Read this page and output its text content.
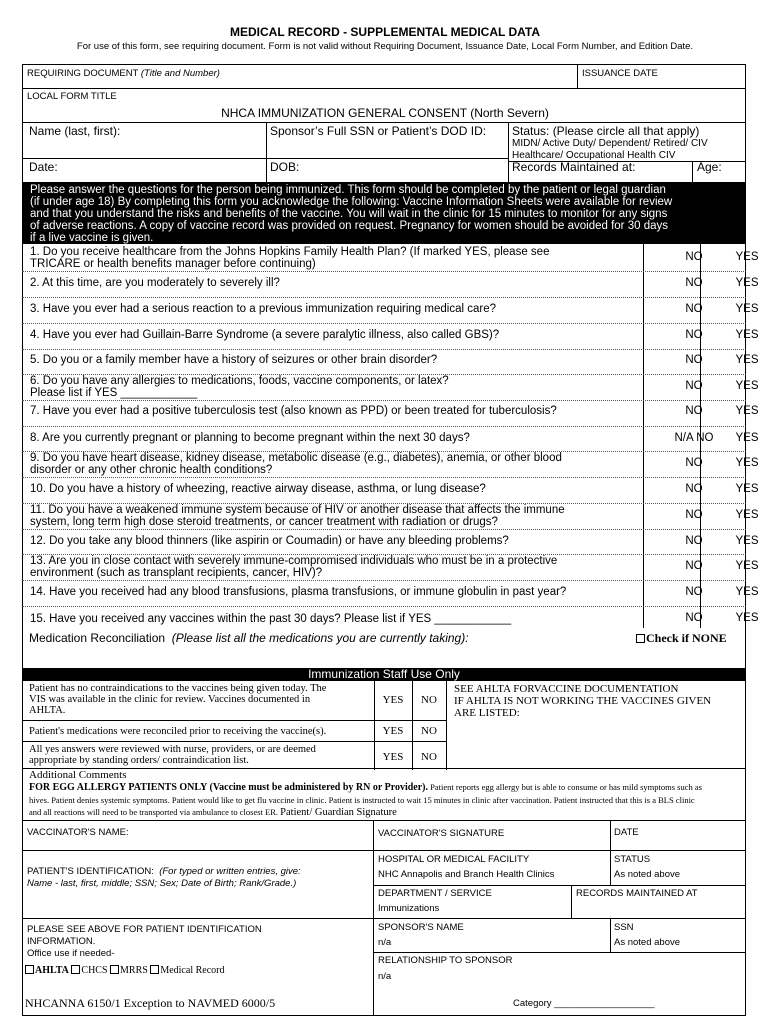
MEDICAL RECORD - SUPPLEMENTAL MEDICAL DATA
For use of this form, see requiring document. Form is not valid without Requiring Document, Issuance Date, Local Form Number, and Edition Date.
REQUIRING DOCUMENT (Title and Number)	ISSUANCE DATE
LOCAL FORM TITLE
NHCA IMMUNIZATION GENERAL CONSENT (North Severn)
Name (last, first):	Sponsor’s Full SSN or Patient’s DOD ID: Status: (Please circle all that apply)
MIDN/ Active Duty/ Dependent/ Retired/ CIV
Healthcare/ Occupational Health CIV
Date:	DOB:	Records Maintained at:	Age:
Please answer the questions for the person being immunized. This form should be completed by the patient or legal guardian
(if under age 18) By completing this form you acknowledge the following: Vaccine Information Sheets were available for review
and that you understand the risks and benefits of the vaccine. You will wait in the clinic for 15 minutes to monitor for any signs
of adverse reactions. A copy of vaccine record was provided on request. Pregnancy for women should be avoided for 30 days
if a live vaccine is given.
1. Do you receive healthcare from the Johns Hopkins Family Health Plan? (If marked YES, please see
TRICARE or health benefits manager before continuing)
NO	YES
2. At this time, are you moderately to severely ill?	NO	YES
3. Have you ever had a serious reaction to a previous immunization requiring medical care?	NO	YES
4. Have you ever had Guillain-Barre Syndrome (a severe paralytic illness, also called GBS)?	NO	YES
5. Do you or a family member have a history of seizures or other brain disorder?	NO	YES
6. Do you have any allergies to medications, foods, vaccine components, or latex?
Please list if YES ____________
NO	YES
7. Have you ever had a positive tuberculosis test (also known as PPD) or been treated for tuberculosis?	NO	YES
8. Are you currently pregnant or planning to become pregnant within the next 30 days?	N/A NO	YES
9. Do you have heart disease, kidney disease, metabolic disease (e.g., diabetes), anemia, or other blood
disorder or any other chronic health conditions?
NO	YES
10. Do you have a history of wheezing, reactive airway disease, asthma, or lung disease?	NO	YES
11. Do you have a weakened immune system because of HIV or another disease that affects the immune
system, long term high dose steroid treatments, or cancer treatment with radiation or drugs?
NO	YES
12. Do you take any blood thinners (like aspirin or Coumadin) or have any bleeding problems?	NO	YES
13. Are you in close contact with severely immune-compromised individuals who must be in a protective
environment (such as transplant recipients, cancer, HIV)?
NO	YES
14. Have you received had any blood transfusions, plasma transfusions, or immune globulin in past year?	NO	YES
15. Have you received any vaccines within the past 30 days? Please list if YES ____________	NO	YES
Medication Reconciliation (Please list all the medications you are currently taking):	Check if NONE
Immunization Staff Use Only
Patient has no contraindications to the vaccines being given today. The
VIS was available in the clinic for review. Vaccines documented in
AHLTA.
YES	NO
SEE AHLTA FORVACCINE DOCUMENTATION
IF AHLTA IS NOT WORKING THE VACCINES GIVEN
ARE LISTED:
Patient's medications were reconciled prior to receiving the vaccine(s).	YES	NO
All yes answers were reviewed with nurse, providers, or are deemed
appropriate by standing orders/ contraindication list.	YES	NO
Additional Comments
FOR EGG ALLERGY PATIENTS ONLY (Vaccine must be administered by RN or Provider). Patient reports egg allergy but is able to consume or has mild symptoms such as
hives. Patient denies systemic symptoms. Patient would like to get flu vaccine in clinic. Patient is instructed to wait 15 minutes in clinic after vaccination. Patient instructed that this is a BLS clinic
and all reactions will need to be transported via ambulance to closest ER. Patient/ Guardian Signature
VACCINATOR'S NAME:	VACCINATOR'S SIGNATURE	DATE
PATIENT'S IDENTIFICATION: (For typed or written entries, give:
Name - last, first, middle; SSN; Sex; Date of Birth; Rank/Grade.)
HOSPITAL OR MEDICAL FACILITY
NHC Annapolis and Branch Health Clinics
STATUS
As noted above
DEPARTMENT / SERVICE
Immunizations
RECORDS MAINTAINED AT
PLEASE SEE ABOVE FOR PATIENT IDENTIFICATION
INFORMATION.
Office use if needed-
AHLTA CHCS MRRS Medical Record
SPONSOR'S NAME
n/a
SSN
As noted above
RELATIONSHIP TO SPONSOR
n/a
NHCANNA 6150/1 Exception to NAVMED 6000/5	Category ___________________
